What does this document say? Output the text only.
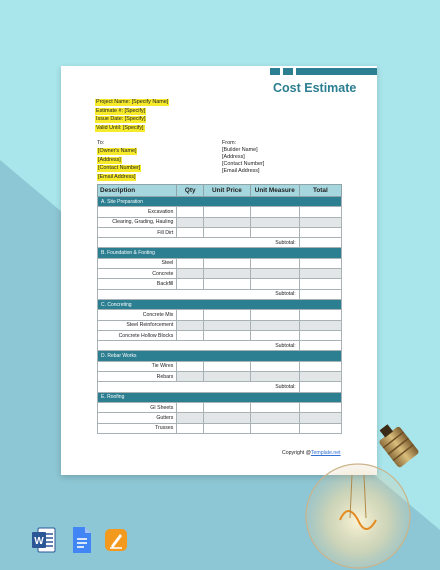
Cost Estimate
Project Name: [Specify Name]
Estimate #: [Specify]
Issue Date: [Specify]
Valid Until: [Specify]
To:
[Owner's Name]
[Address]
[Contact Number]
[Email Address]
From:
[Builder Name]
[Address]
[Contact Number]
[Email Address]
Description	Qty	Unit Price	Unit Measure	Total
A. Site Preparation				
Excavation				
Clearing, Grading, Hauling				
Fill Dirt				
Subtotal:				
B. Foundation & Footing				
Steel				
Concrete				
Backfill				
Subtotal:				
C. Concreting				
Concrete Mix				
Steel Reinforcement				
Concrete Hollow Blocks				
Subtotal:				
D. Rebar Works				
Tie Wires				
Rebars				
Subtotal:				
E. Roofing				
GI Sheets				
Gutters				
Trusses				
Copyright @Template.net
W
